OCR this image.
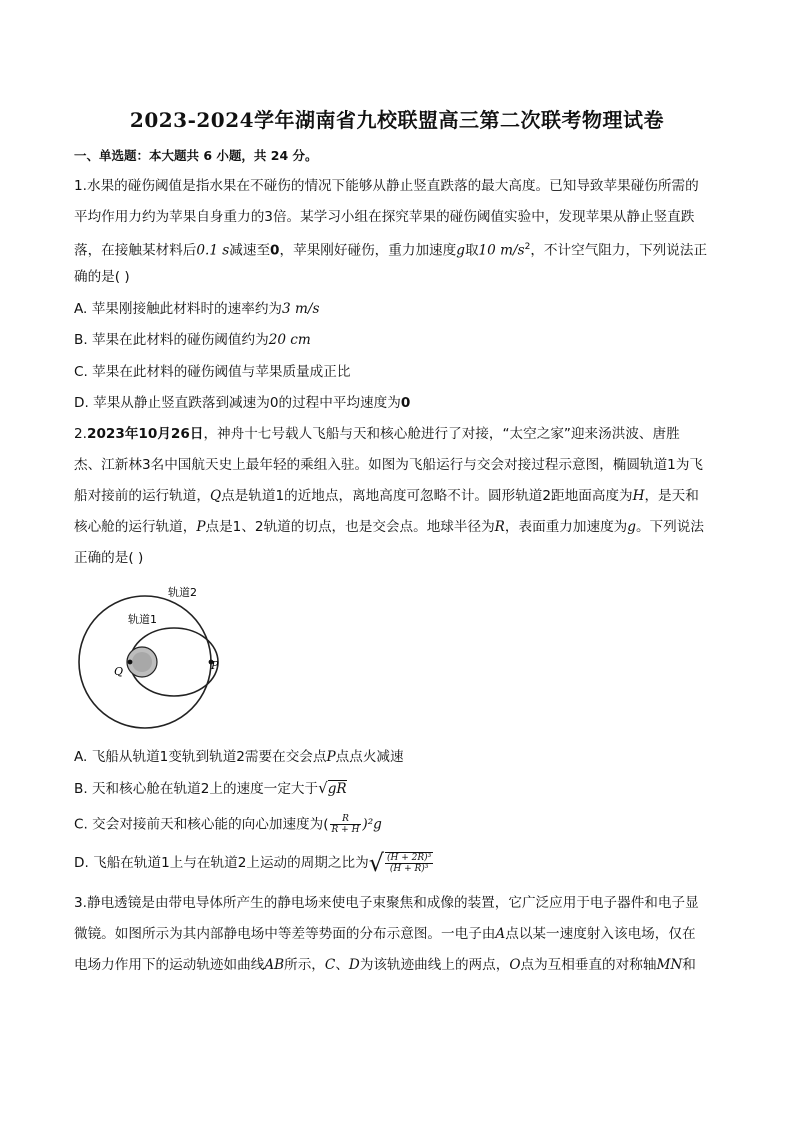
2023-2024学年湖南省九校联盟高三第二次联考物理试卷
一、单选题：本大题共 6 小题，共 24 分。
1.水果的碰伤阈值是指水果在不碰伤的情况下能够从静止竖直跌落的最大高度。已知导致苹果碰伤所需的
平均作用力约为苹果自身重力的3倍。某学习小组在探究苹果的碰伤阈值实验中，发现苹果从静止竖直跌
落，在接触某材料后0.1 s减速至0，苹果刚好碰伤，重力加速度g取10 $m/s^2$，不计空气阻力，下列说法正
确的是( )
A. 苹果刚接触此材料时的速率约为3 m/s
B. 苹果在此材料的碰伤阈值约为20 cm
C. 苹果在此材料的碰伤阈值与苹果质量成正比
D. 苹果从静止竖直跌落到减速为0的过程中平均速度为0
2.2023年10月26日，神舟十七号载人飞船与天和核心舱进行了对接，“太空之家”迎来汤洪波、唐胜
杰、江新林3名中国航天史上最年轻的乘组入驻。如图为飞船运行与交会对接过程示意图，椭圆轨道1为飞
船对接前的运行轨道，Q点是轨道1的近地点，离地高度可忽略不计。圆形轨道2距地面高度为H，是天和
核心舱的运行轨道，P点是1、2轨道的切点，也是交会点。地球半径为R，表面重力加速度为g。下列说法
正确的是( )
轨道2
轨道1
Q	P
A. 飞船从轨道1变轨到轨道2需要在交会点P点点火减速
B. 天和核心舱在轨道2上的速度一定大于√gR
C. 交会对接前天和核心能的向心加速度为( $\frac{R}{R + H} )^2g$
D. 飞船在轨道1上与在轨道2上运动的周期之比为√ $\frac{\text{(H + 2R)³}}{\text{(H + R)³}}$
3.静电透镜是由带电导体所产生的静电场来使电子束聚焦和成像的装置，它广泛应用于电子器件和电子显
微镜。如图所示为其内部静电场中等差等势面的分布示意图。一电子由A点以某一速度射入该电场，仅在
电场力作用下的运动轨迹如曲线AB所示，C、D为该轨迹曲线上的两点，O点为互相垂直的对称轴MN和
